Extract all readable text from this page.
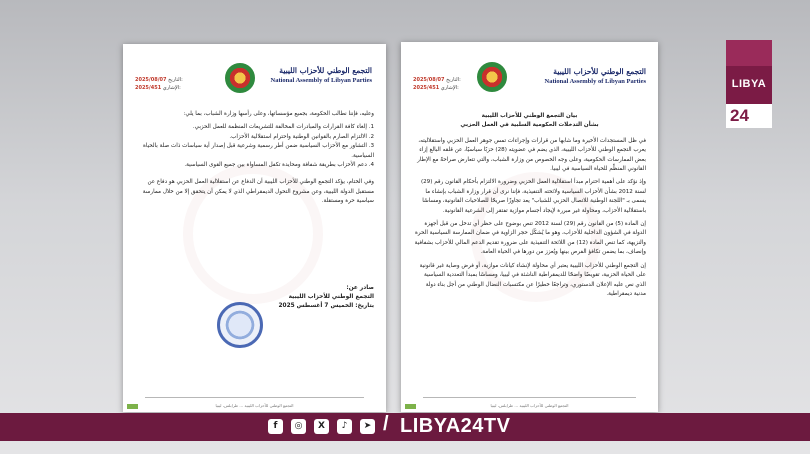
2025/08/07 التاريخ:
2025/451 الإشاري:
التجمع الوطني للأحزاب الليبية
National Assembly of Libyan Parties

وعليه، فإننا نطالب الحكومة، بجميع مؤسساتها، وعلى رأسها وزارة الشباب، بما يلي:

1. إلغاء كافة القرارات والمبادرات المخالفة للتشريعات المنظمة للعمل الحزبي.

2. الالتزام الصارم بالقوانين الوطنية واحترام استقلالية الأحزاب.

3. التشاور مع الأحزاب السياسية ضمن أطر رسمية وشرعية قبل إصدار أية سياسات ذات صلة بالحياة السياسية.

4. دعم الأحزاب بطريقة شفافة ومحايدة تكفل المساواة بين جميع القوى السياسية.

وفي الختام، يؤكد التجمع الوطني للأحزاب الليبية أن الدفاع عن استقلالية العمل الحزبي هو دفاع عن مستقبل الدولة الليبية، وعن مشروع التحول الديمقراطي الذي لا يمكن أن يتحقق إلا من خلال ممارسة سياسية حرة ومستقلة.

صادر عن:
التجمع الوطني للأحزاب الليبية
بتاريخ: الخميس 7 أغسطس 2025
التجمع الوطني للأحزاب الليبية ... طرابلس، ليبيا
2025/08/07 التاريخ:
2025/451 الإشاري:
التجمع الوطني للأحزاب الليبية
National Assembly of Libyan Parties
بيان التجمع الوطني للأحزاب الليبية
بشأن التدخلات الحكومية السلبية في العمل الحزبي

في ظل المستجدات الأخيرة وما شابها من قرارات وإجراءات تمس جوهر العمل الحزبي واستقلاليته، يعرب التجمع الوطني للأحزاب الليبية، الذي يضم في عضويته (28) حزبًا سياسيًا، عن قلقه البالغ إزاء بعض الممارسات الحكومية، وعلى وجه الخصوص من وزارة الشباب، والتي تتعارض صراحةً مع الإطار القانوني المنظِّم للحياة السياسية في ليبيا.

وإذ نؤكد على أهمية احترام مبدأ استقلالية العمل الحزبي وضرورة الالتزام بأحكام القانون رقم (29) لسنة 2012 بشأن الأحزاب السياسية ولائحته التنفيذية، فإننا نرى أن قرار وزارة الشباب بإنشاء ما يسمى بـ "اللجنة الوطنية للاتصال الحزبي للشباب" يعد تجاوزًا صريحًا للصلاحيات القانونية، ومساسًا باستقلالية الأحزاب، ومحاولة غير مبررة لإيجاد أجسام موازية تفتقر إلى الشرعية القانونية.

إن المادة (5) من القانون رقم (29) لسنة 2012 تنص بوضوح على حظر أي تدخل من قبل أجهزة الدولة في الشؤون الداخلية للأحزاب، وهو ما يُشكّل حجر الزاوية في ضمان الممارسة السياسية الحرة والنزيهة، كما تنص المادة (12) من اللائحة التنفيذية على ضرورة تقديم الدعم المالي للأحزاب بشفافية وإنصاف، بما يضمن تكافؤ الفرص بينها ويُعزز من دورها في الحياة العامة.

إن التجمع الوطني للأحزاب الليبية يعتبر أي محاولة لإنشاء كيانات موازية، أو فرض وصاية غير قانونية على الحياة الحزبية، تقويضًا واضحًا للديمقراطية الناشئة في ليبيا، ومساسًا بمبدأ التعددية السياسية الذي نص عليه الإعلان الدستوري، وتراجعًا خطيرًا عن مكتسبات النضال الوطني من أجل بناء دولة مدنية ديمقراطية.

التجمع الوطني للأحزاب الليبية ... طرابلس، ليبيا
LIBYA
24
f	◎	X	♪	➤ / LIBYA24TV
